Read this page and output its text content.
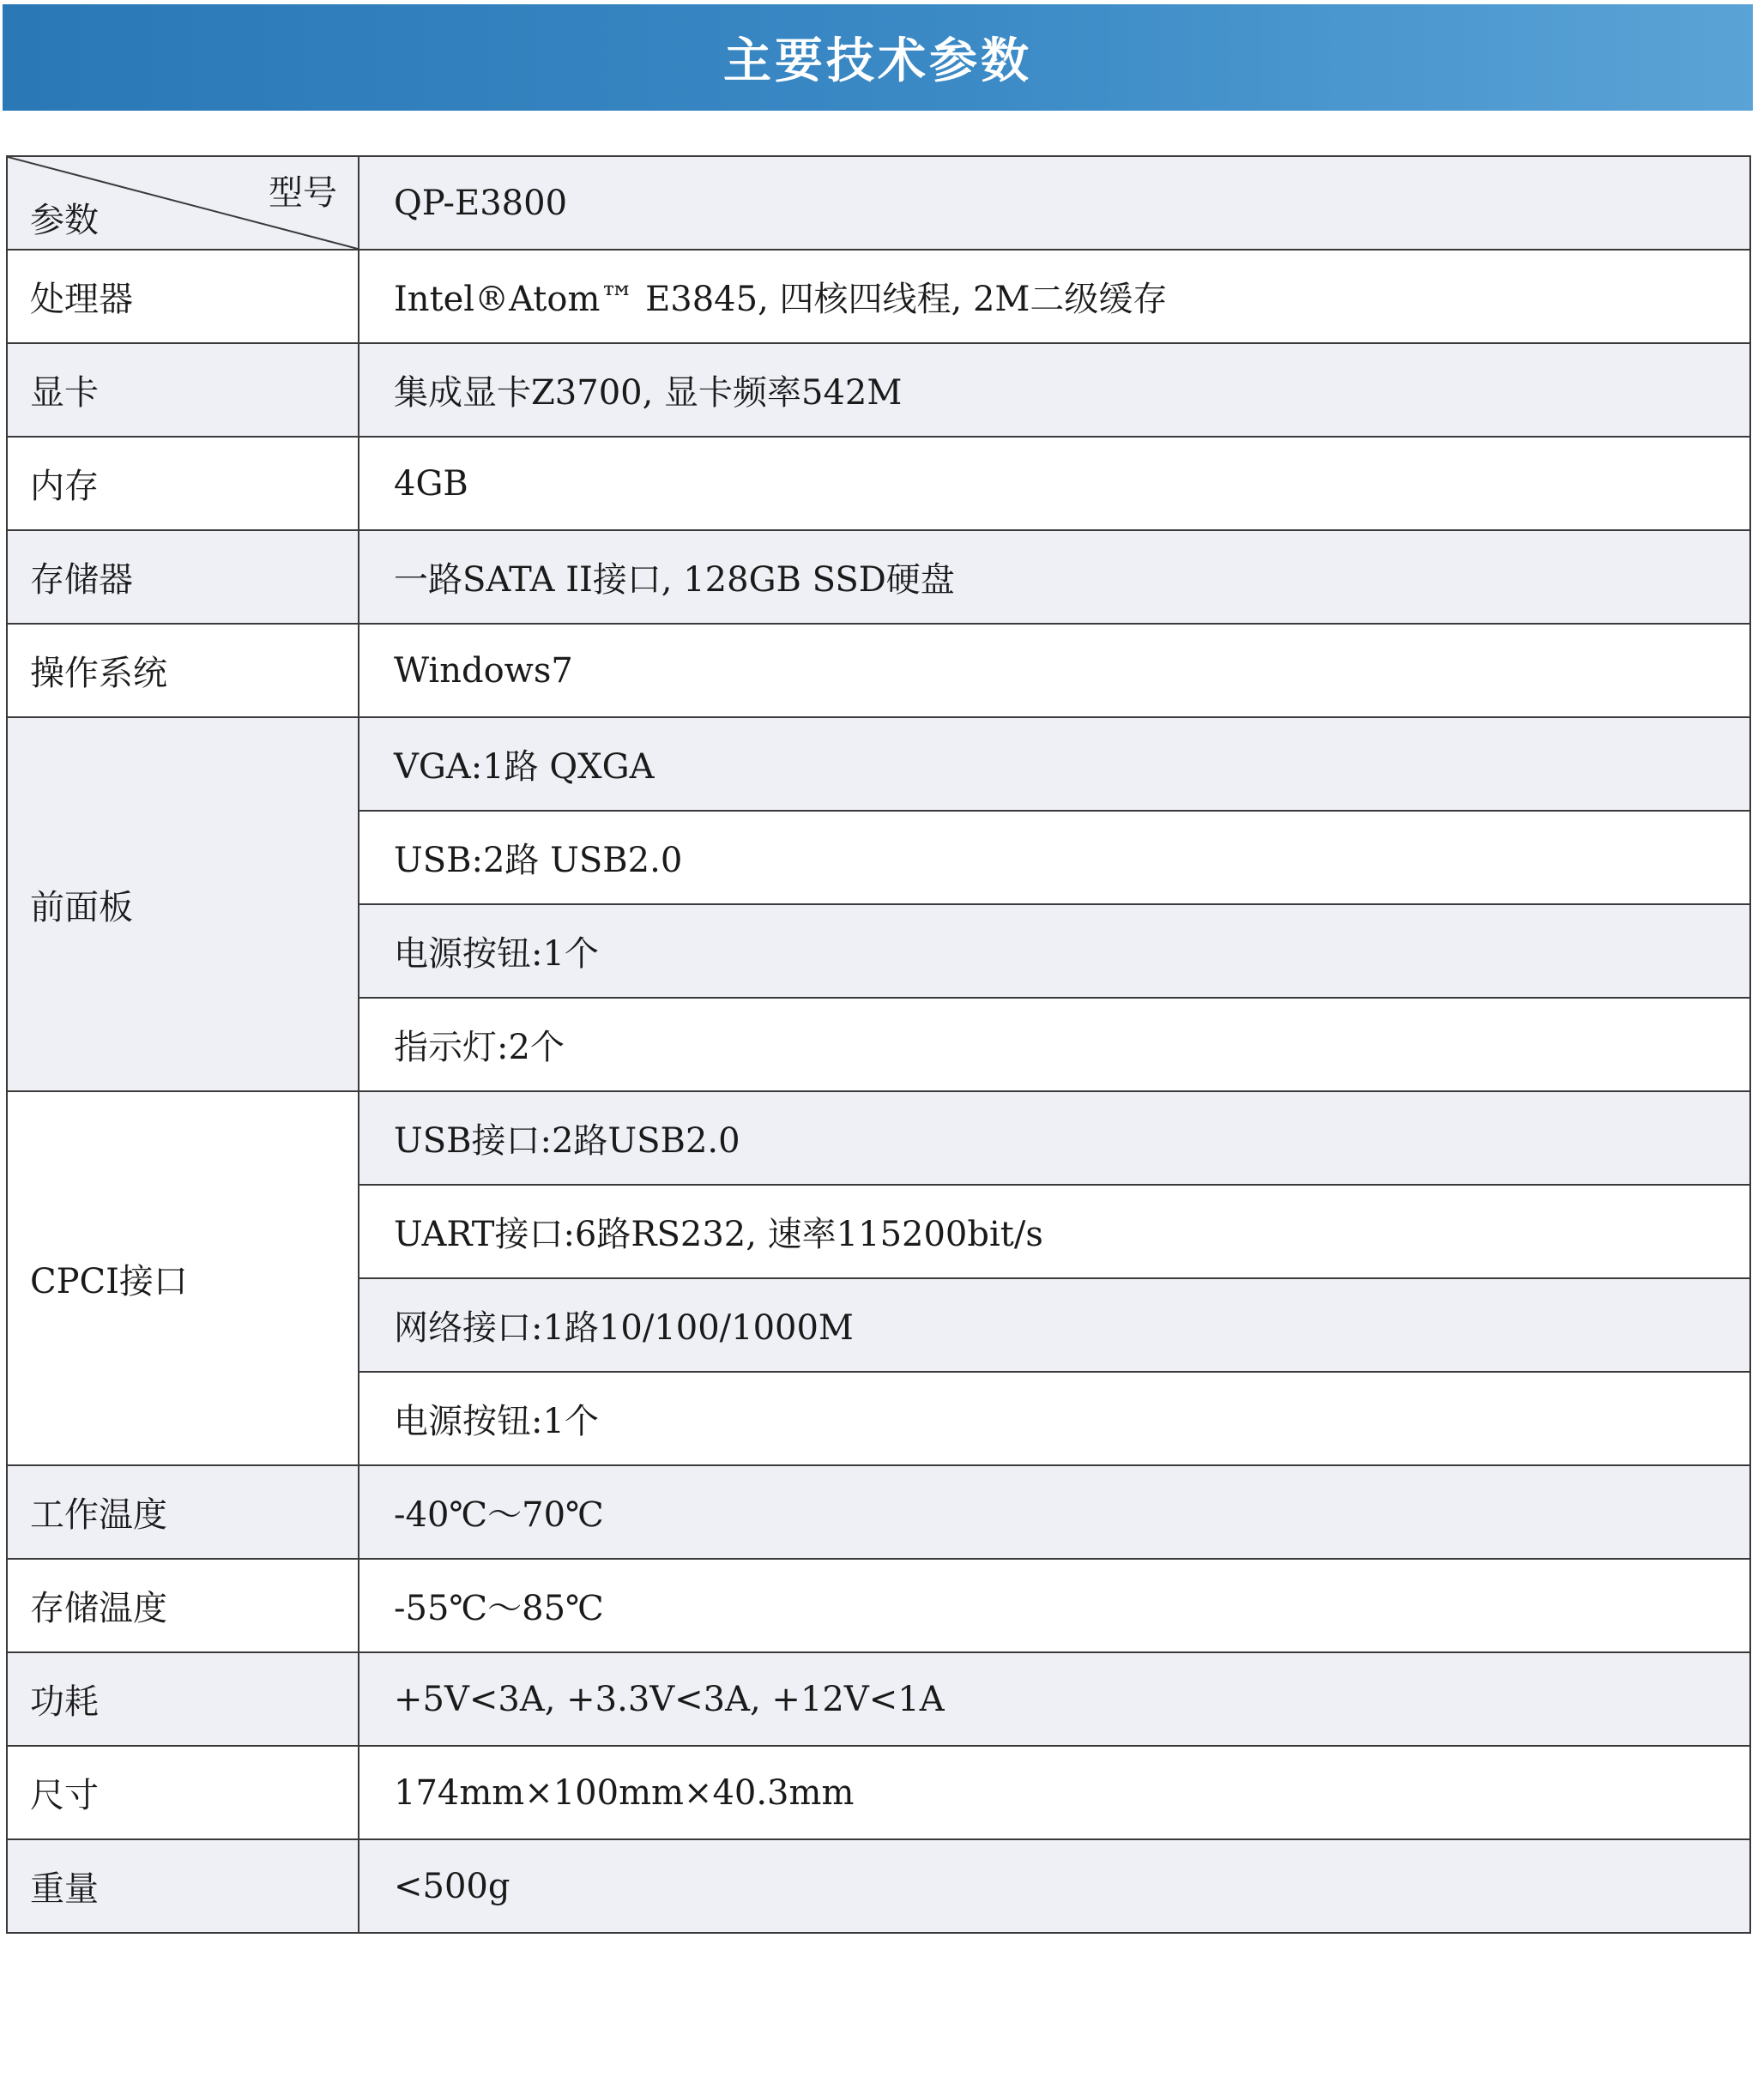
主要技术参数
型号
参数	QP-E3800
处理器	Intel®Atom™ E3845, 四核四线程, 2M二级缓存
显卡	集成显卡Z3700, 显卡频率542M
内存	4GB
存储器	一路SATA II接口, 128GB SSD硬盘
操作系统	Windows7
前面板	VGA:1路 QXGA
	USB:2路 USB2.0
	电源按钮:1个
	指示灯:2个
CPCI接口	USB接口:2路USB2.0
	UART接口:6路RS232, 速率115200bit/s
	网络接口:1路10/100/1000M
	电源按钮:1个
工作温度	-40℃～70℃
存储温度	-55℃～85℃
功耗	+5V<3A, +3.3V<3A, +12V<1A
尺寸	174mm×100mm×40.3mm
重量	<500g
